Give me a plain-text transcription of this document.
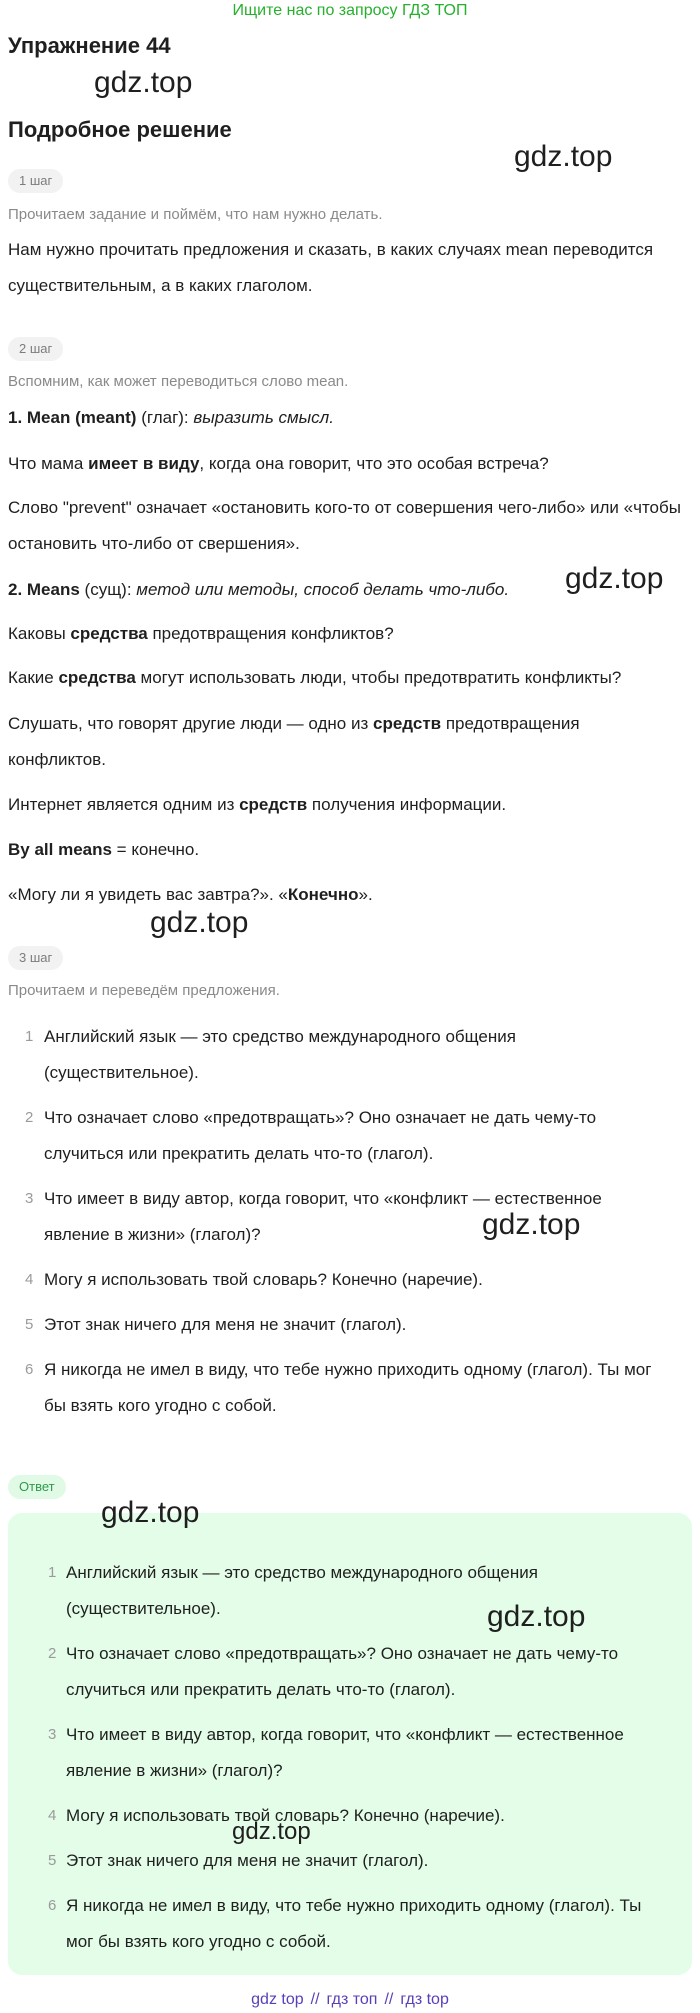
Ищите нас по запросу ГДЗ ТОП
Упражнение 44
gdz.top
Подробное решение
gdz.top
1 шаг
Прочитаем задание и поймём, что нам нужно делать.
Нам нужно прочитать предложения и сказать, в каких случаях mean переводится существительным, а в каких глаголом.
2 шаг
Вспомним, как может переводиться слово mean.
1. Mean (meant) (глаг): выразить смысл.
Что мама имеет в виду, когда она говорит, что это особая встреча?
Слово "prevent" означает «остановить кого-то от совершения чего-либо» или «чтобы остановить что-либо от свершения».
gdz.top
2. Means (сущ): метод или методы, способ делать что-либо.
Каковы средства предотвращения конфликтов?
Какие средства могут использовать люди, чтобы предотвратить конфликты?
Слушать, что говорят другие люди — одно из средств предотвращения конфликтов.
Интернет является одним из средств получения информации.
By all means = конечно.
«Могу ли я увидеть вас завтра?». «Конечно».
gdz.top
3 шаг
Прочитаем и переведём предложения.
1 Английский язык — это средство международного общения (существительное).
2 Что означает слово «предотвращать»? Оно означает не дать чему-то случиться или прекратить делать что-то (глагол).
3 Что имеет в виду автор, когда говорит, что «конфликт — естественное явление в жизни» (глагол)?	gdz.top
4 Могу я использовать твой словарь? Конечно (наречие).
5 Этот знак ничего для меня не значит (глагол).
6 Я никогда не имел в виду, что тебе нужно приходить одному (глагол). Ты мог бы взять кого угодно с собой.
Ответ
gdz.top
1 Английский язык — это средство международного общения (существительное).	gdz.top
2 Что означает слово «предотвращать»? Оно означает не дать чему-то случиться или прекратить делать что-то (глагол).
3 Что имеет в виду автор, когда говорит, что «конфликт — естественное явление в жизни» (глагол)?
4 Могу я использовать твой словарь? Конечно (наречие).
gdz.top
5 Этот знак ничего для меня не значит (глагол).
6 Я никогда не имел в виду, что тебе нужно приходить одному (глагол). Ты мог бы взять кого угодно с собой.
gdz top // гдз топ // гдз top
